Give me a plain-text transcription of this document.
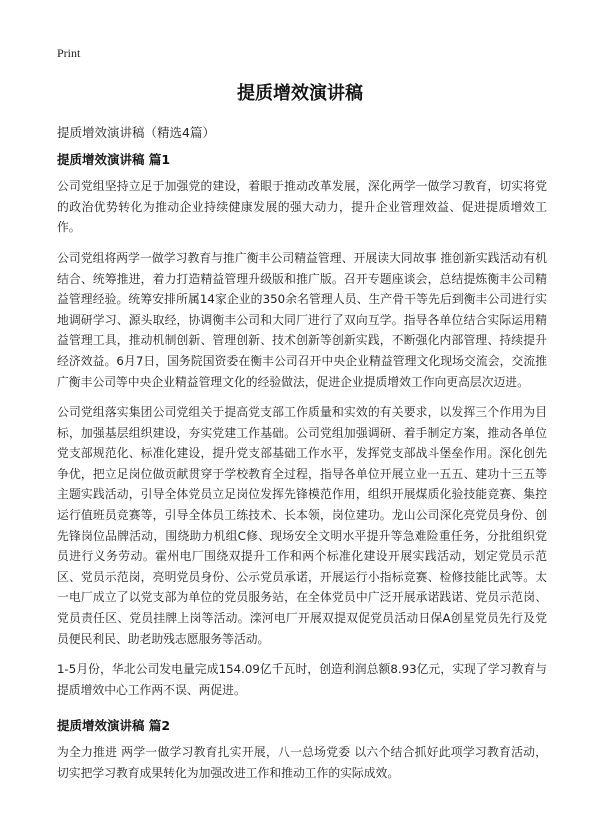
Print
提质增效演讲稿
提质增效演讲稿（精选4篇）
提质增效演讲稿 篇1

公司党组坚持立足于加强党的建设，着眼于推动改革发展，深化两学一做学习教育，切实将党的政治优势转化为推动企业持续健康发展的强大动力，提升企业管理效益、促进提质增效工作。

公司党组将两学一做学习教育与推广衡丰公司精益管理、开展读大同故事 推创新实践活动有机结合、统筹推进，着力打造精益管理升级版和推广版。召开专题座谈会，总结提炼衡丰公司精益管理经验。统筹安排所属14家企业的350余名管理人员、生产骨干等先后到衡丰公司进行实地调研学习、源头取经，协调衡丰公司和大同厂进行了双向互学。指导各单位结合实际运用精益管理工具，推动机制创新、管理创新、技术创新等创新实践，不断强化内部管理、持续提升经济效益。6月7日，国务院国资委在衡丰公司召开中央企业精益管理文化现场交流会，交流推广衡丰公司等中央企业精益管理文化的经验做法，促进企业提质增效工作向更高层次迈进。

公司党组落实集团公司党组关于提高党支部工作质量和实效的有关要求，以发挥三个作用为目标，加强基层组织建设，夯实党建工作基础。公司党组加强调研、着手制定方案，推动各单位党支部规范化、标准化建设，提升党支部基础工作水平，发挥党支部战斗堡垒作用。深化创先争优，把立足岗位做贡献贯穿于学校教育全过程，指导各单位开展立业一五五、建功十三五等主题实践活动，引导全体党员立足岗位发挥先锋模范作用，组织开展煤质化验技能竞赛、集控运行值班员竞赛等，引导全体员工练技术、长本领，岗位建功。龙山公司深化亮党员身份、创先锋岗位品牌活动，围绕助力机组C修、现场安全文明水平提升等急难险重任务，分批组织党员进行义务劳动。霍州电厂围绕双提升工作和两个标准化建设开展实践活动，划定党员示范区、党员示范岗，亮明党员身份、公示党员承诺，开展运行小指标竞赛、检修技能比武等。太一电厂成立了以党支部为单位的党员服务站，在全体党员中广泛开展承诺践诺、党员示范岗、党员责任区、党员挂牌上岗等活动。滦河电厂开展双提双促党员活动日保A创星党员先行及党员便民利民、助老助残志愿服务等活动。

1-5月份，华北公司发电量完成154.09亿千瓦时，创造利润总额8.93亿元，实现了学习教育与提质增效中心工作两不误、两促进。

提质增效演讲稿 篇2

为全力推进 两学一做学习教育扎实开展，八一总场党委 以六个结合抓好此项学习教育活动，切实把学习教育成果转化为加强改进工作和推动工作的实际成效。
